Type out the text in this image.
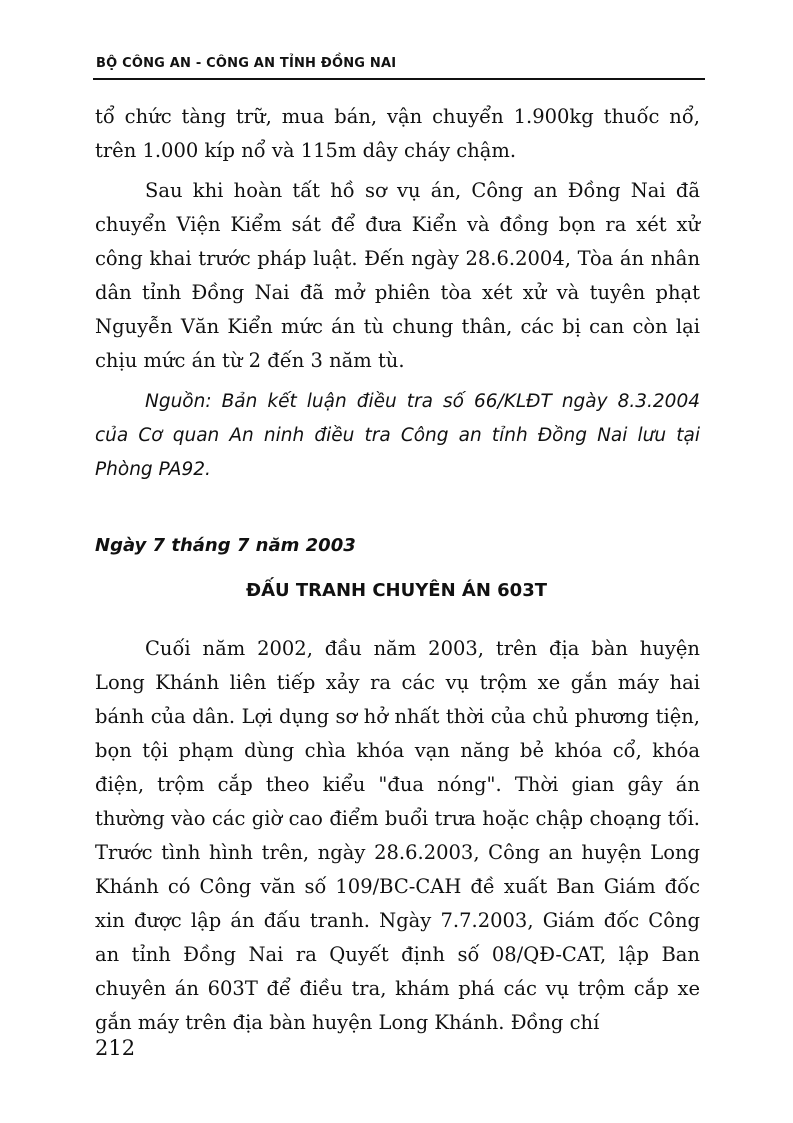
BỘ CÔNG AN - CÔNG AN TỈNH ĐỒNG NAI

tổ chức tàng trữ, mua bán, vận chuyển 1.900kg thuốc nổ, trên 1.000 kíp nổ và 115m dây cháy chậm.

Sau khi hoàn tất hồ sơ vụ án, Công an Đồng Nai đã chuyển Viện Kiểm sát để đưa Kiển và đồng bọn ra xét xử công khai trước pháp luật. Đến ngày 28.6.2004, Tòa án nhân dân tỉnh Đồng Nai đã mở phiên tòa xét xử và tuyên phạt Nguyễn Văn Kiển mức án tù chung thân, các bị can còn lại chịu mức án từ 2 đến 3 năm tù.

Nguồn: Bản kết luận điều tra số 66/KLĐT ngày 8.3.2004 của Cơ quan An ninh điều tra Công an tỉnh Đồng Nai lưu tại Phòng PA92.
Ngày 7 tháng 7 năm 2003
ĐẤU TRANH CHUYÊN ÁN 603T

Cuối năm 2002, đầu năm 2003, trên địa bàn huyện Long Khánh liên tiếp xảy ra các vụ trộm xe gắn máy hai bánh của dân. Lợi dụng sơ hở nhất thời của chủ phương tiện, bọn tội phạm dùng chìa khóa vạn năng bẻ khóa cổ, khóa điện, trộm cắp theo kiểu "đua nóng". Thời gian gây án thường vào các giờ cao điểm buổi trưa hoặc chập choạng tối. Trước tình hình trên, ngày 28.6.2003, Công an huyện Long Khánh có Công văn số 109/BC-CAH đề xuất Ban Giám đốc xin được lập án đấu tranh. Ngày 7.7.2003, Giám đốc Công an tỉnh Đồng Nai ra Quyết định số 08/QĐ-CAT, lập Ban chuyên án 603T để điều tra, khám phá các vụ trộm cắp xe gắn máy trên địa bàn huyện Long Khánh. Đồng chí

212
